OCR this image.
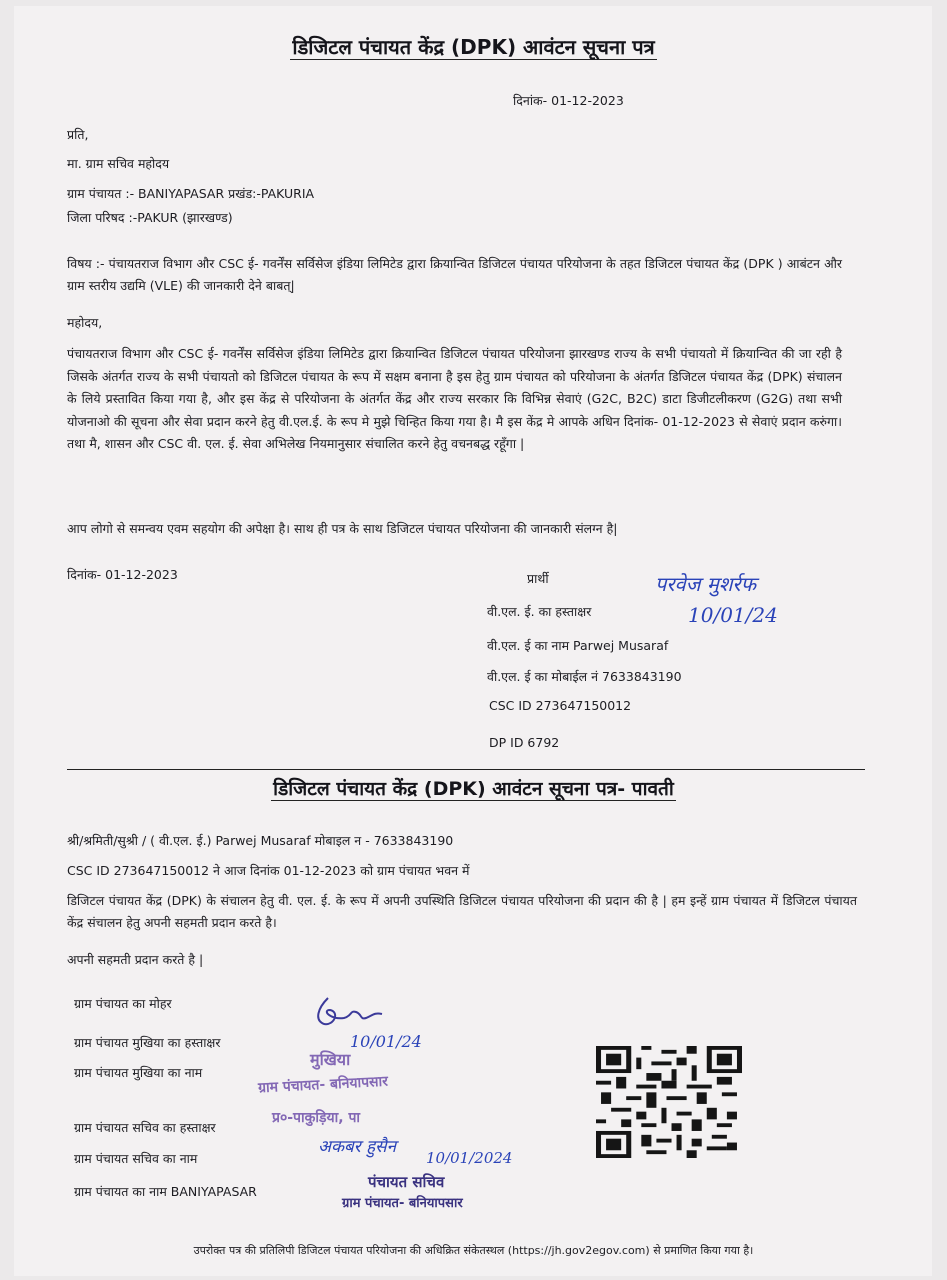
डिजिटल पंचायत केंद्र (DPK) आवंटन सूचना पत्र
दिनांक- 01-12-2023
प्रति,
मा. ग्राम सचिव महोदय
ग्राम पंचायत :- BANIYAPASAR प्रखंड:-PAKURIA
जिला परिषद :-PAKUR (झारखण्ड)
विषय :- पंचायतराज विभाग और CSC ई- गवर्नेंस सर्विसेज इंडिया लिमिटेड द्वारा क्रियान्वित डिजिटल पंचायत परियोजना के तहत डिजिटल पंचायत केंद्र (DPK ) आबंटन और ग्राम स्तरीय उद्यमि (VLE) की जानकारी देने बाबत्|
महोदय,
पंचायतराज विभाग और CSC ई- गवर्नेंस सर्विसेज इंडिया लिमिटेड द्वारा क्रियान्वित डिजिटल पंचायत परियोजना झारखण्ड राज्य के सभी पंचायतो में क्रियान्वित की जा रही है जिसके अंतर्गत राज्य के सभी पंचायतो को डिजिटल पंचायत के रूप में सक्षम बनाना है इस हेतु ग्राम पंचायत को परियोजना के अंतर्गत डिजिटल पंचायत केंद्र (DPK) संचालन के लिये प्रस्तावित किया गया है, और इस केंद्र से परियोजना के अंतर्गत केंद्र और राज्य सरकार कि विभिन्न सेवाएं (G2C, B2C) डाटा डिजीटलीकरण (G2G) तथा सभी योजनाओ की सूचना और सेवा प्रदान करने हेतु वी.एल.ई. के रूप मे मुझे चिन्हित किया गया है। मै इस केंद्र मे आपके अधिन दिनांक- 01-12-2023 से सेवाएं प्रदान करुंगा। तथा मै, शासन और CSC वी. एल. ई. सेवा अभिलेख नियमानुसार संचालित करने हेतु वचनबद्ध रहूँगा |
आप लोगो से समन्वय एवम सहयोग की अपेक्षा है। साथ ही पत्र के साथ डिजिटल पंचायत परियोजना की जानकारी संलग्न है|
दिनांक- 01-12-2023	प्रार्थी
वी.एल. ई. का हस्ताक्षर
वी.एल. ई का नाम Parwej Musaraf
वी.एल. ई का मोबाईल नं 7633843190
CSC ID 273647150012
DP ID 6792
परवेज मुशर्रफ
10/01/24
डिजिटल पंचायत केंद्र (DPK) आवंटन सूचना पत्र- पावती
श्री/श्रमिती/सुश्री / ( वी.एल. ई.) Parwej Musaraf मोबाइल न - 7633843190
CSC ID 273647150012 ने आज दिनांक 01-12-2023 को ग्राम पंचायत भवन में
डिजिटल पंचायत केंद्र (DPK) के संचालन हेतु वी. एल. ई. के रूप में अपनी उपस्थिति डिजिटल पंचायत परियोजना की प्रदान की है | हम इन्हें ग्राम पंचायत में डिजिटल पंचायत केंद्र संचालन हेतु अपनी सहमती प्रदान करते है।
अपनी सहमती प्रदान करते है |
ग्राम पंचायत का मोहर
ग्राम पंचायत मुखिया का हस्ताक्षर
ग्राम पंचायत मुखिया का नाम
ग्राम पंचायत सचिव का हस्ताक्षर
ग्राम पंचायत सचिव का नाम
ग्राम पंचायत का नाम BANIYAPASAR
10/01/24
मुखिया
ग्राम पंचायत- बनियापसार
प्र०-पाकुड़िया, पा
अकबर हुसैन
10/01/2024
पंचायत सचिव
ग्राम पंचायत- बनियापसार
उपरोक्त पत्र की प्रतिलिपी डिजिटल पंचायत परियोजना की अधिक्रित संकेतस्थल (https://jh.gov2egov.com) से प्रमाणित किया गया है।
